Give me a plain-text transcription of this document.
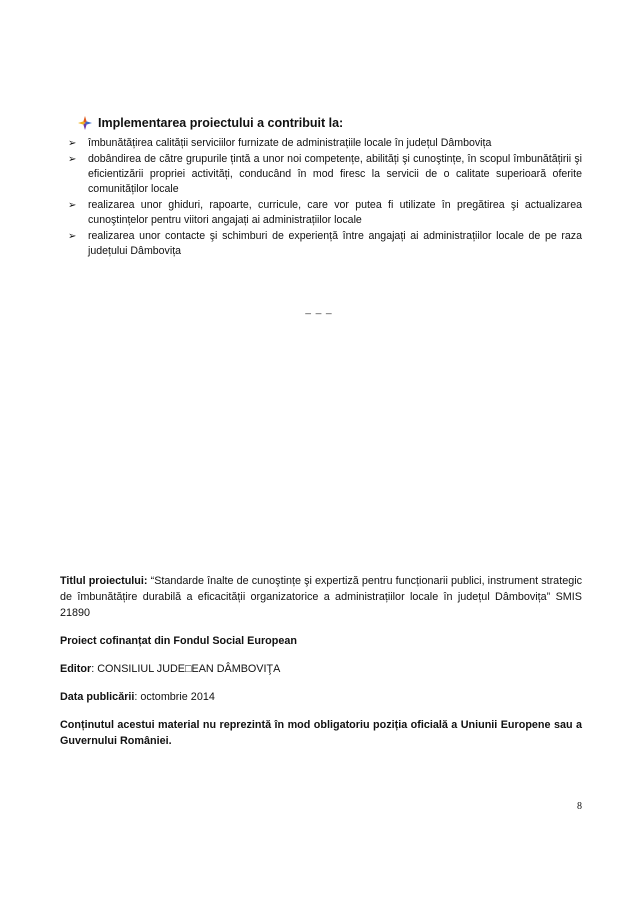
Implementarea proiectului a contribuit la:
➢ îmbunătățirea calității serviciilor furnizate de administrațiile locale în județul Dâmbovița
➢ dobândirea de către grupurile țintă a unor noi competențe, abilități şi cunoştințe, în scopul îmbunătățirii şi eficientizării propriei activități, conducând în mod firesc la servicii de o calitate superioară oferite comunităților locale
➢ realizarea unor ghiduri, rapoarte, curricule, care vor putea fi utilizate în pregătirea şi actualizarea cunoştințelor pentru viitori angajați ai administrațiilor locale
➢ realizarea unor contacte şi schimburi de experiență între angajați ai administrațiilor locale de pe raza județului Dâmbovița
_ _ _

Titlul proiectului: “Standarde înalte de cunoştințe şi expertiză pentru funcționarii publici, instrument strategic de îmbunătățire durabilă a eficacității organizatorice a administrațiilor locale în județul Dâmbovița” SMIS 21890

Proiect cofinanțat din Fondul Social European

Editor: CONSILIUL JUDE□EAN DÂMBOVIŢA

Data publicării: octombrie 2014

Conținutul acestui material nu reprezintă în mod obligatoriu poziția oficială a Uniunii Europene sau a Guvernului României.

8
